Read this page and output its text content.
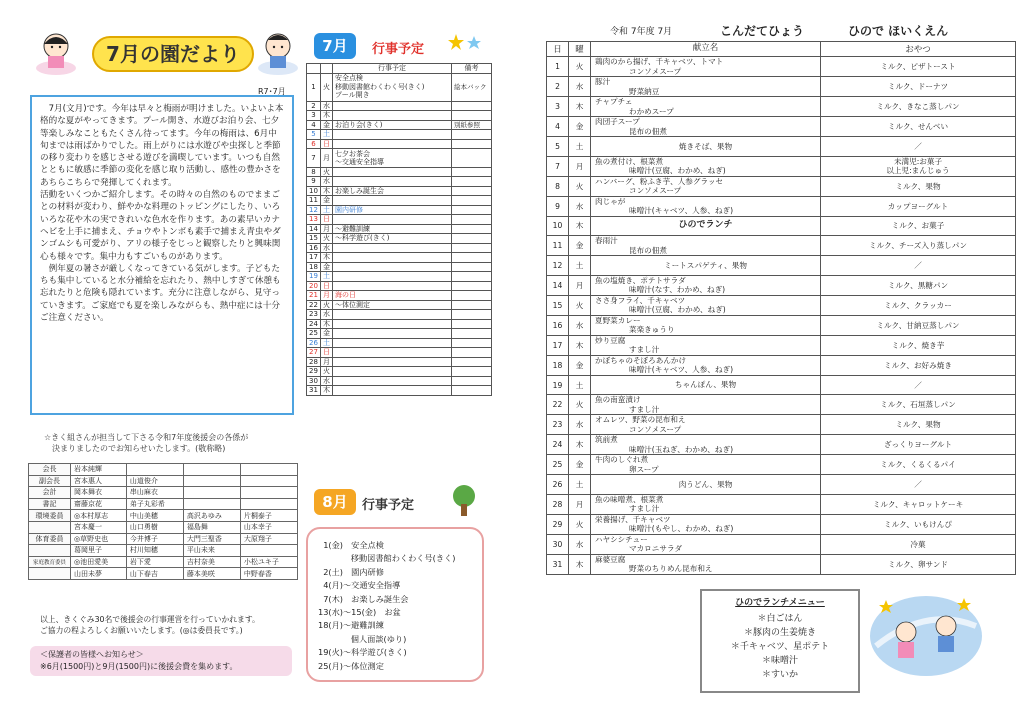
7月の園だより
R7･7月

　7月(文月)です。今年は早々と梅雨が明けました。いよいよ本格的な夏がやってきます。プール開き、水遊びお泊り会、七夕等楽しみなこともたくさん待ってます。今年の梅雨は、6月中旬までは雨ばかりでした。雨上がりには水遊びや虫探しと季節の移り変わりを感じさせる遊びを満喫しています。いつも自然とともに敏感に季節の変化を感じ取り活動し、感性の豊かさをあちらこちらで発揮してくれます。
活動をいくつかご紹介します。その時々の自然のものでままごとの材料が変わり、鮮やかな料理のトッピングにしたり、いろいろな花や木の実できれいな色水を作ります。あの素早いカナヘビを上手に捕まえ、チョウやトンボも素手で捕まえ青虫やダンゴムシも可愛がり、アリの様子をじっと観察したりと興味関心も様々です。集中力もすごいものがあります。
　例年夏の暑さが厳しくなってきている気がします。子どもたちも集中していると水分補給を忘れたり、熱中しすぎて休憩も忘れたりと危険も隠れています。充分に注意しながら、見守っていきます。ご家庭でも夏を楽しみながらも、熱中症には十分ご注意ください。

7月	行事予定
		行事予定	備考
1	火	安全点検
移動図書館わくわく号(きく)
プール開き	絵本バック
2	水		
3	木		
4	金	お泊り会(きく)	別紙参照
5	土		
6	日		
7	月	七夕お茶会
～交通安全指導	
8	火		
9	水		
10	木	お楽しみ誕生会	
11	金		
12	土	園内研修	
13	日		
14	月	～避難訓練	
15	火	～科学遊び(きく)	
16	水		
17	木		
18	金		
19	土		
20	日		
21	月	海の日	
22	火	～体位測定	
23	水		
24	木		
25	金		
26	土		
27	日		
28	月		
29	火		
30	水		
31	木		
☆きく組さんが担当して下さる令和7年度後援会の各係が
　決まりましたのでお知らせいたします。(敬称略)
会長	岩本純輝			
副会長	宮本惠人	山道俊介		
会計	岡本舞衣	串山麻衣		
書記	齋藤京花	弟子丸彩希		
環境委員	◎本村厚志	中山美穂	高沢あゆみ	片桐泰子
	宮本慶一	山口勇樹	福島舞	山本幸子
体育委員	◎草野史也	今井博子	大門三聖香	大原翔子
	葛岡里子	村川知穂	平山未来	
家庭教育委員	◎池田愛美	岩下愛	吉村奈美	小松ユキ子
	山田未夢	山下春吉	藤本美咲	中野春香
以上、きくぐみ30名で後援会の行事運営を行っていかれます。
ご協力の程よろしくお願いいたします。(◎は委員長です。)
＜保護者の皆様へお知らせ＞
※6月(1500円)と9月(1500円)に後援会費を集めます。
8月	行事予定
1(金)　安全点検
　　　　移動図書館わくわく号(きく)
2(土)　園内研修
4(月)～交通安全指導
7(木)　お楽しみ誕生会
13(水)～15(金)　お盆
18(月)～避難訓練
　　　　個人面談(ゆり)
19(火)～科学遊び(きく)
25(月)～体位測定
令和 7年度 7月	こんだてひょう	ひので ほいくえん
日	曜	献立名	おやつ
1	火	鶏肉のから揚げ、千キャベツ、トマト
コンソメスープ	ミルク、ピザトースト
2	水	豚汁
野菜納豆	ミルク、ドーナツ
3	木	チャプチェ
わかめスープ	ミルク、きなこ蒸しパン
4	金	肉団子スープ
昆布の佃煮	ミルク、せんべい
5	土	焼きそば、果物	／
7	月	魚の煮付け、根菜煮
味噌汁(豆腐、わかめ、ねぎ)	未満児:お菓子
以上児:まんじゅう
8	火	ハンバーグ、粉ふき芋、人参グラッセ
コンソメスープ	ミルク、果物
9	水	肉じゃが
味噌汁(キャベツ、人参、ねぎ)	カップヨーグルト
10	木	ひのでランチ	ミルク、お菓子
11	金	春雨汁
昆布の佃煮	ミルク、チーズ入り蒸しパン
12	土	ミートスパゲティ、果物	／
14	月	魚の塩焼き、ポテトサラダ
味噌汁(なす、わかめ、ねぎ)	ミルク、黒糖パン
15	火	ささ身フライ、千キャベツ
味噌汁(豆腐、わかめ、ねぎ)	ミルク、クラッカー
16	水	夏野菜カレー
菜楽きゅうり	ミルク、甘納豆蒸しパン
17	木	炒り豆腐
すまし汁	ミルク、焼き芋
18	金	かぼちゃのそぼろあんかけ
味噌汁(キャベツ、人参、ねぎ)	ミルク、お好み焼き
19	土	ちゃんぽん、果物	／
22	火	魚の南蛮漬け
すまし汁	ミルク、石垣蒸しパン
23	水	オムレツ、野菜の昆布和え
コンソメスープ	ミルク、果物
24	木	筑前煮
味噌汁(玉ねぎ、わかめ、ねぎ)	ざっくりヨーグルト
25	金	牛肉のしぐれ煮
卵スープ	ミルク、くるくるパイ
26	土	肉うどん、果物	／
28	月	魚の味噌煮、根菜煮
すまし汁	ミルク、キャロットケーキ
29	火	栄養揚げ、千キャベツ
味噌汁(もやし、わかめ、ねぎ)	ミルク、いもけんぴ
30	水	ハヤシシチュー
マカロニサラダ	冷菓
31	木	麻婆豆腐
野菜のちりめん昆布和え	ミルク、卵サンド
ひのでランチメニュー
＊白ごはん
＊豚肉の生姜焼き
＊千キャベツ、星ポテト
＊味噌汁
＊すいか
